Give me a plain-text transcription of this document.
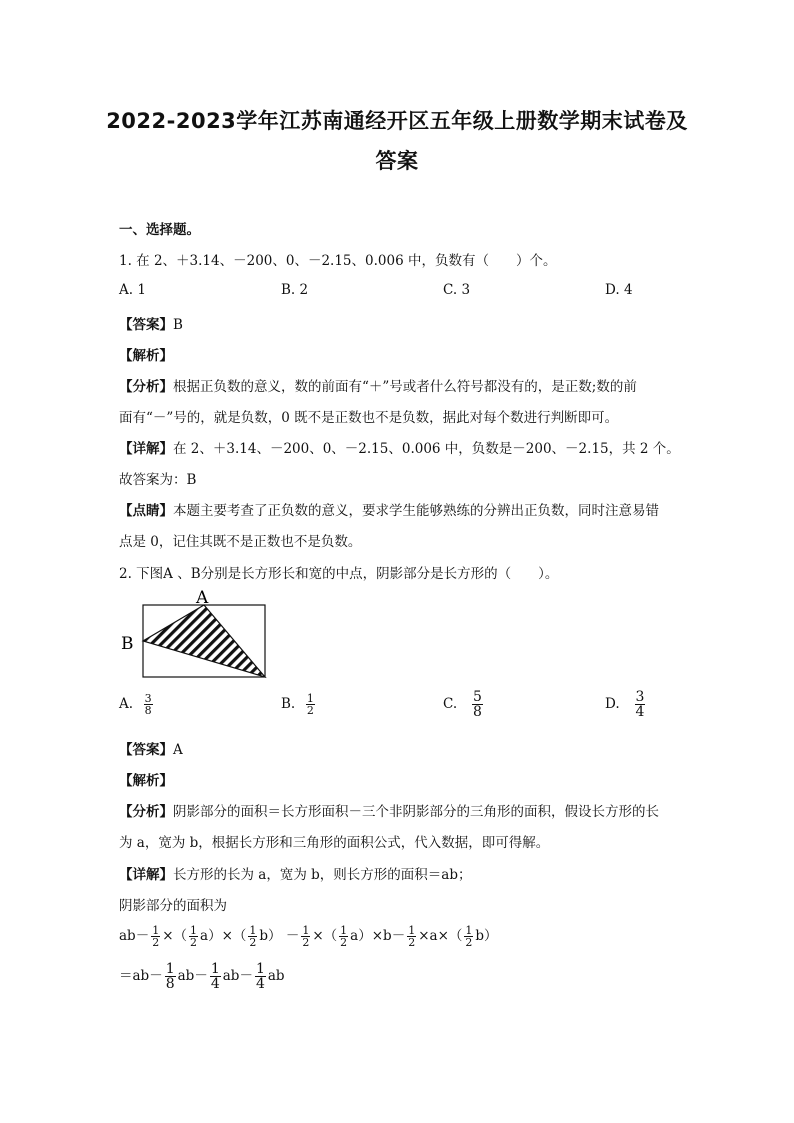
2022-2023学年江苏南通经开区五年级上册数学期末试卷及
答案
一、选择题。
1. 在 2、＋3.14、－200、0、－2.15、0.006 中，负数有（　　）个。
A. 1	B. 2	C. 3	D. 4
【答案】B
【解析】
【分析】根据正负数的意义，数的前面有“＋”号或者什么符号都没有的，是正数;数的前
面有“－”号的，就是负数，0 既不是正数也不是负数，据此对每个数进行判断即可。
【详解】在 2、＋3.14、－200、0、－2.15、0.006 中，负数是－200、－2.15，共 2 个。
故答案为：B
【点睛】本题主要考查了正负数的意义，要求学生能够熟练的分辨出正负数，同时注意易错
点是 0，记住其既不是正数也不是负数。
2. 下图A 、B分别是长方形长和宽的中点，阴影部分是长方形的（　　）。
A
B
A. $\frac{3}{8}$	B. $\frac{1}{2}$	C. $\frac{5}{8}$	D. $\frac{3}{4}$
【答案】A
【解析】
【分析】阴影部分的面积＝长方形面积－三个非阴影部分的三角形的面积，假设长方形的长
为 a，宽为 b，根据长方形和三角形的面积公式，代入数据，即可得解。
【详解】长方形的长为 a，宽为 b，则长方形的面积＝ab；
阴影部分的面积为
$ab- \frac{1}{2}$ ×（ $\frac{1}{2} a)\times( \frac{1}{2} b) - \frac{1}{2}$ ×（ $\frac{1}{2} a)\times b- \frac{1}{2} \times a\times( \frac{1}{2} b)$
$=ab- \frac{1}{8} ab- \frac{1}{4} ab- \frac{1}{4}$ ab
